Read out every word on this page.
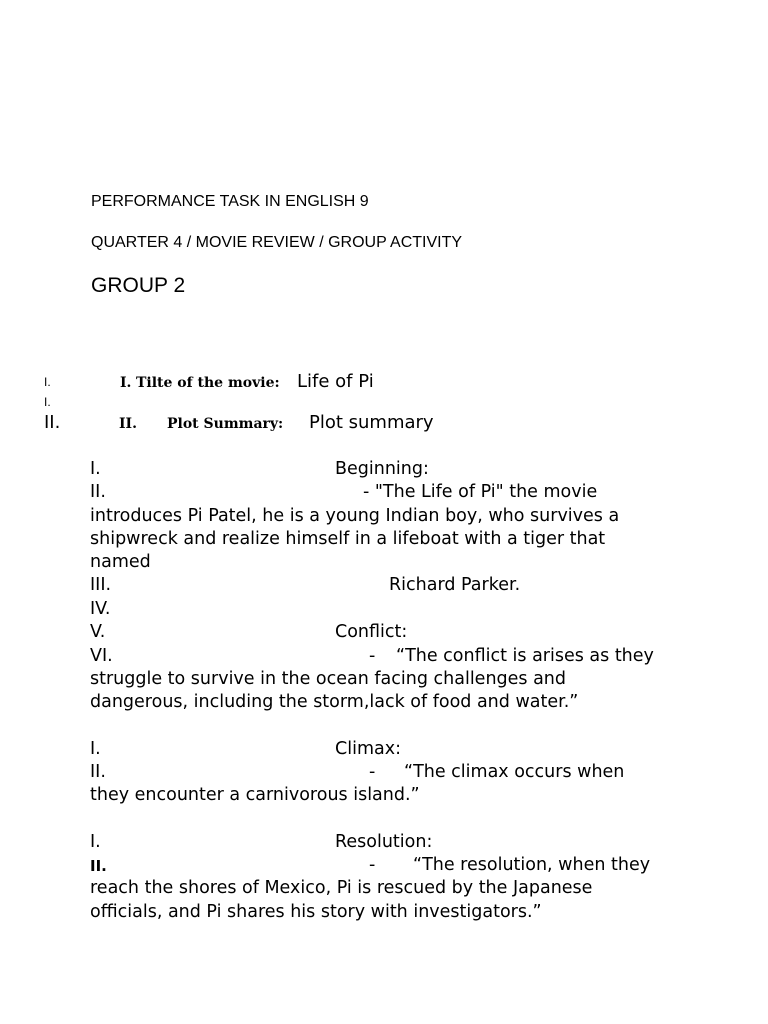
PERFORMANCE TASK IN ENGLISH 9
QUARTER 4 / MOVIE REVIEW / GROUP ACTIVITY
GROUP 2
I.
I.
I. Tilte of the movie: Life of Pi
II.	II. Plot Summary: Plot summary
I.	Beginning:
II.	- "The Life of Pi" the movie
introduces Pi Patel, he is a young Indian boy, who survives a
shipwreck and realize himself in a lifeboat with a tiger that
named
III.	Richard Parker.
IV.
V.	Conflict:
VI.	- “The conflict is arises as they
struggle to survive in the ocean facing challenges and
dangerous, including the storm,lack of food and water.”
I.	Climax:
II.	- “The climax occurs when
they encounter a carnivorous island.”
I.	Resolution:
II.	- “The resolution, when they
reach the shores of Mexico, Pi is rescued by the Japanese
officials, and Pi shares his story with investigators.”
